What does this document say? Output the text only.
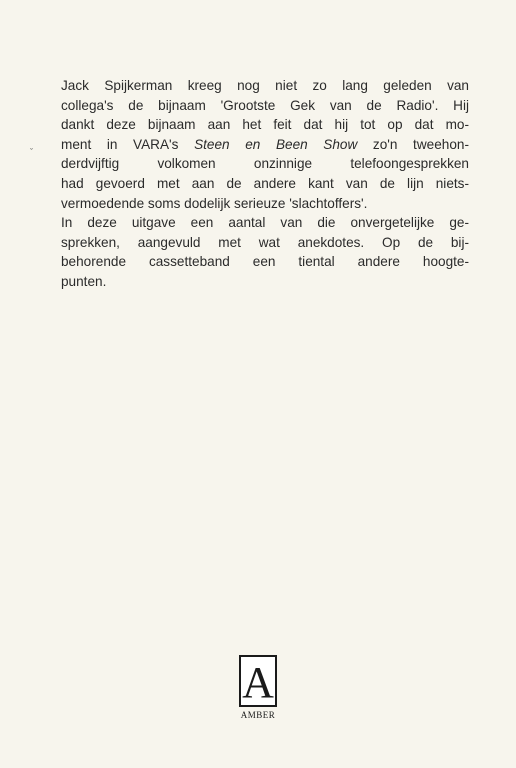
ˇ

Jack Spijkerman kreeg nog niet zo lang geleden van
collega's de bijnaam 'Grootste Gek van de Radio'. Hij
dankt deze bijnaam aan het feit dat hij tot op dat mo-
ment in VARA's Steen en Been Show zo'n tweehon-
derdvijftig volkomen onzinnige telefoongesprekken
had gevoerd met aan de andere kant van de lijn niets-
vermoedende soms dodelijk serieuze 'slachtoffers'.
In deze uitgave een aantal van die onvergetelijke ge-
sprekken, aangevuld met wat anekdotes. Op de bij-
behorende cassetteband een tiental andere hoogte-
punten.

A
AMBER
